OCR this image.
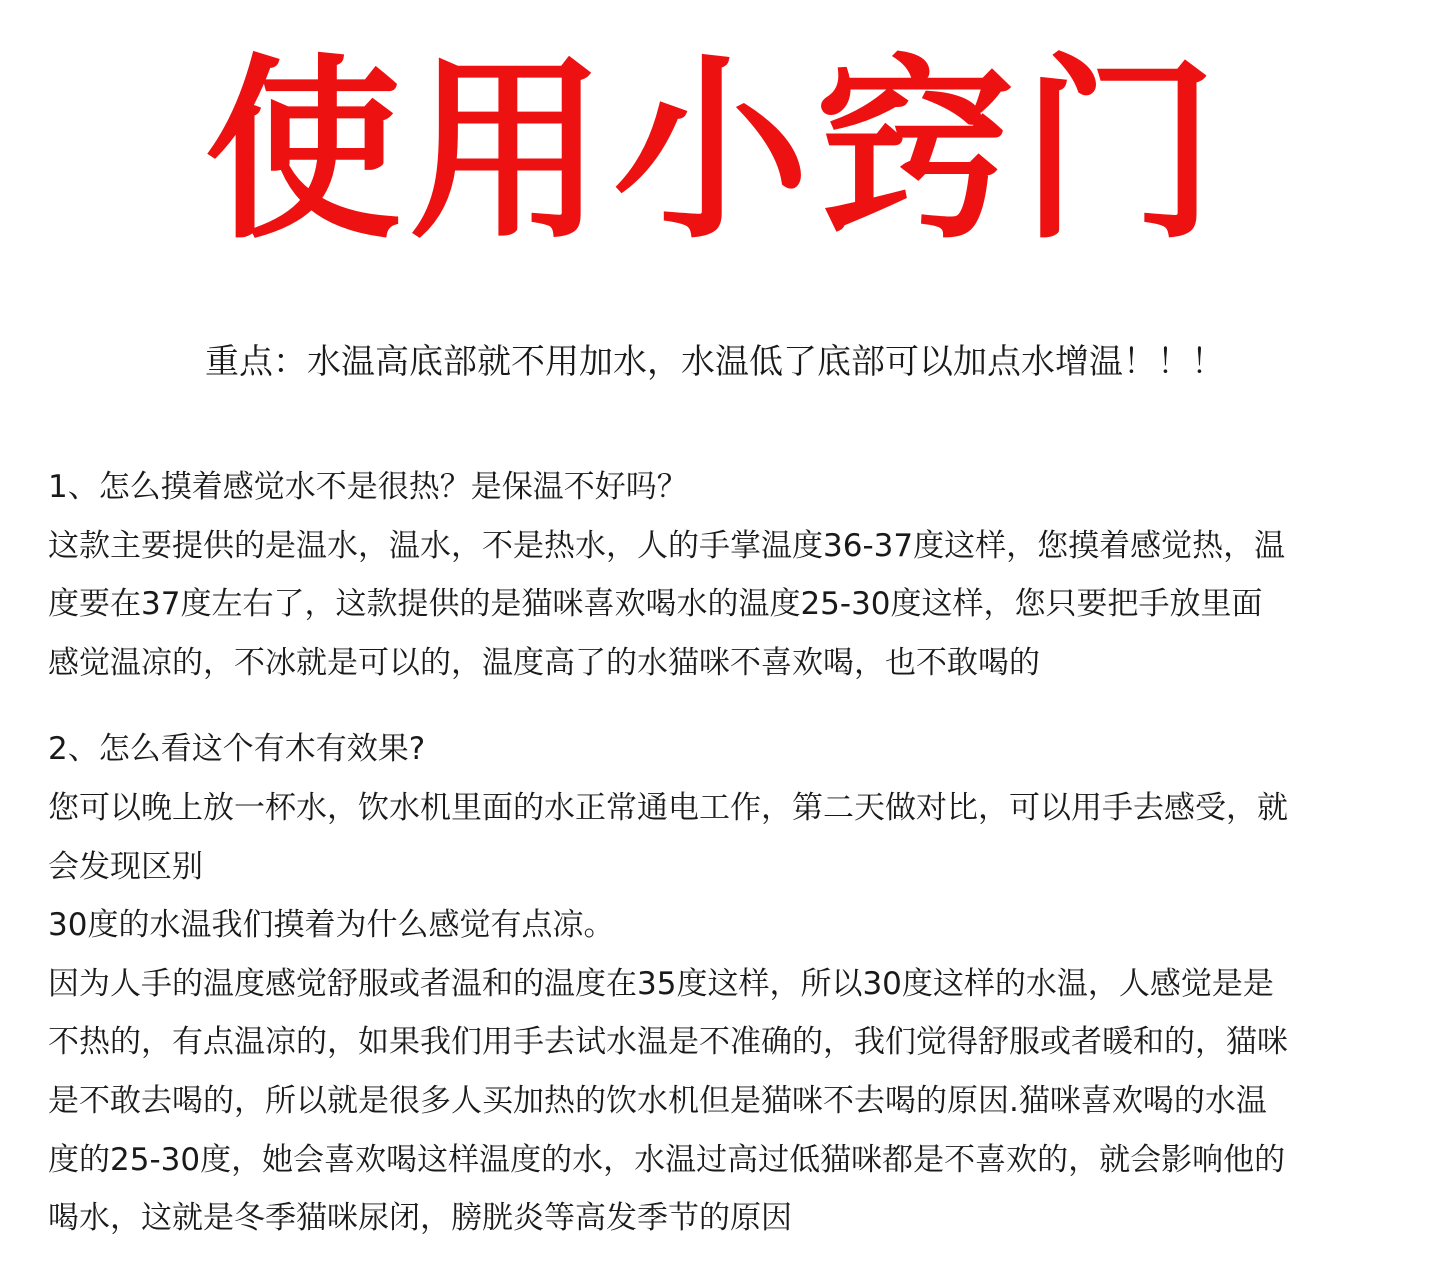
使用小窍门
重点：水温高底部就不用加水，水温低了底部可以加点水增温！！！

1、怎么摸着感觉水不是很热？是保温不好吗？

这款主要提供的是温水，温水，不是热水，人的手掌温度36-37度这样，您摸着感觉热，温

度要在37度左右了，这款提供的是猫咪喜欢喝水的温度25-30度这样，您只要把手放里面

感觉温凉的，不冰就是可以的，温度高了的水猫咪不喜欢喝，也不敢喝的

2、怎么看这个有木有效果?

您可以晚上放一杯水，饮水机里面的水正常通电工作，第二天做对比，可以用手去感受，就

会发现区别

30度的水温我们摸着为什么感觉有点凉。

因为人手的温度感觉舒服或者温和的温度在35度这样，所以30度这样的水温，人感觉是是

不热的，有点温凉的，如果我们用手去试水温是不准确的，我们觉得舒服或者暖和的，猫咪

是不敢去喝的，所以就是很多人买加热的饮水机但是猫咪不去喝的原因.猫咪喜欢喝的水温

度的25-30度，她会喜欢喝这样温度的水，水温过高过低猫咪都是不喜欢的，就会影响他的

喝水，这就是冬季猫咪尿闭，膀胱炎等高发季节的原因
